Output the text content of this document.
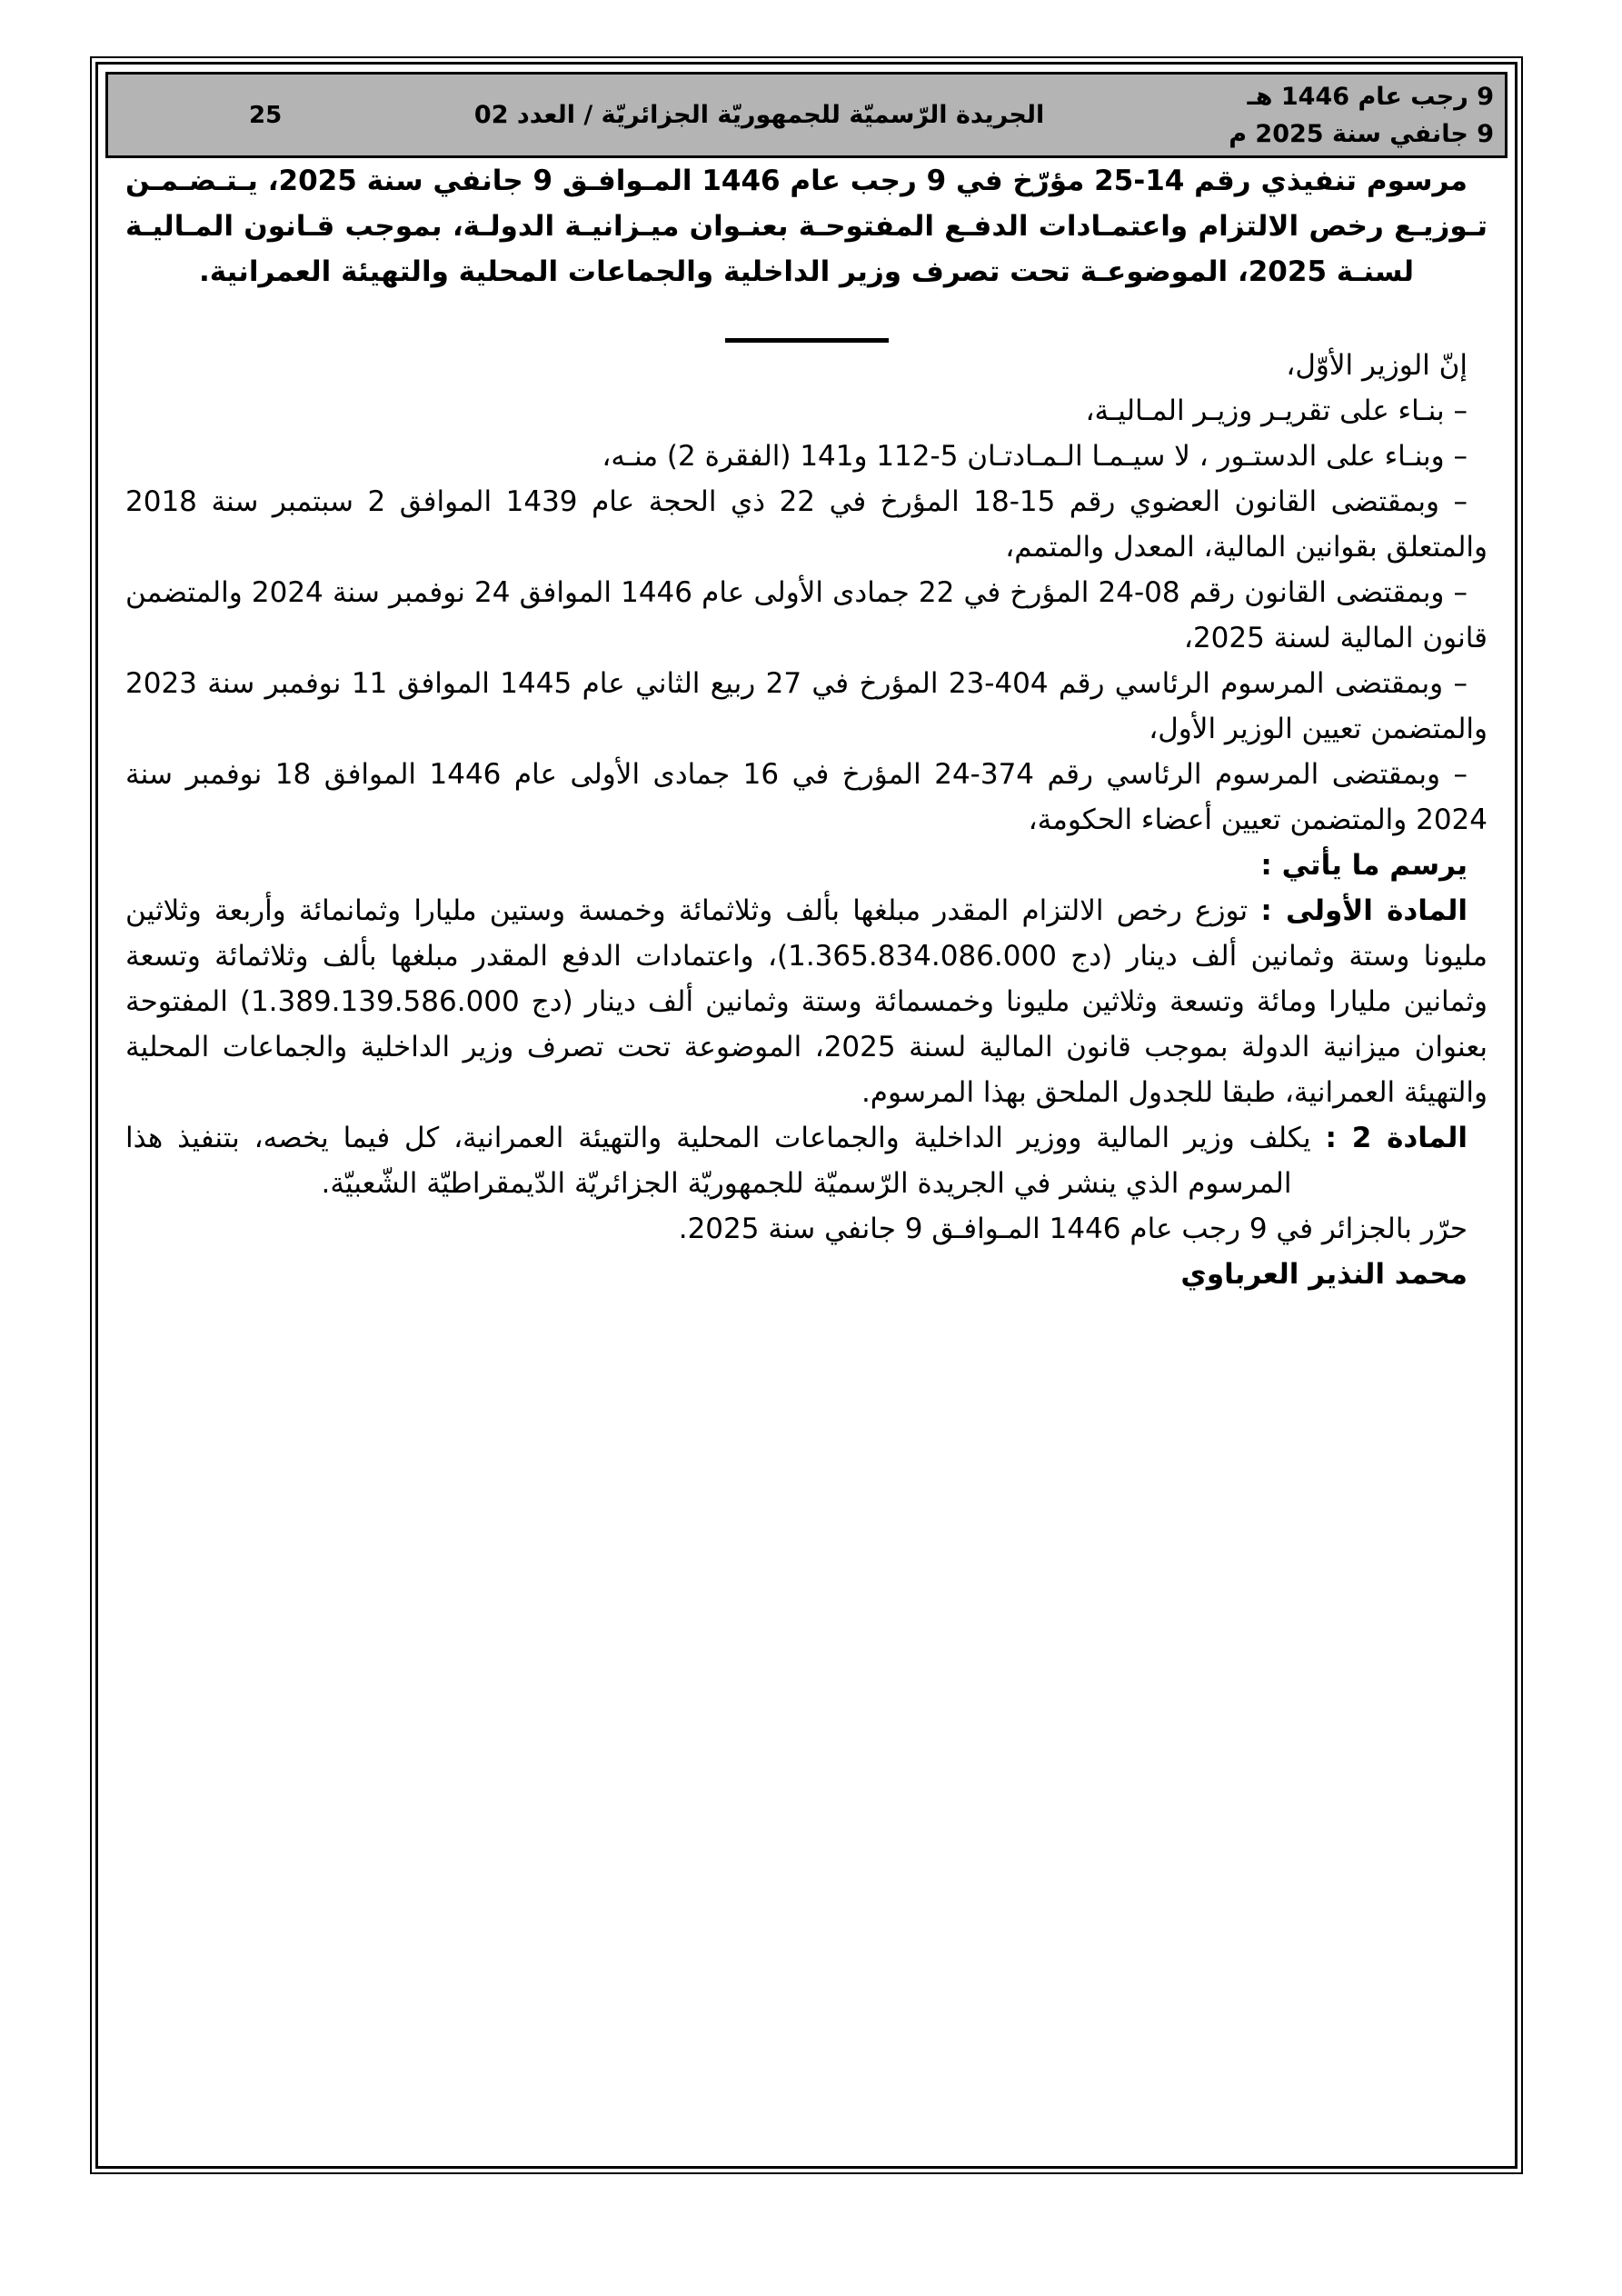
9 رجب عام 1446 هـ
9 جانفي سنة 2025 م
الجريدة الرّسميّة للجمهوريّة الجزائريّة / العدد 02
25

مرسوم تنفيذي رقم 14-25 مؤرّخ في 9 رجب عام 1446 المـوافـق 9 جانفي سنة 2025، يـتـضـمـن تـوزيـع رخص الالتزام واعتمـادات الدفـع المفتوحـة بعنـوان ميـزانيـة الدولـة، بموجب قـانون المـاليـة لسنـة 2025، الموضوعـة تحت تصرف وزير الداخلية والجماعات المحلية والتهيئة العمرانية.

إنّ الوزير الأوّل،

– بنـاء على تقريـر وزيـر المـاليـة،

– وبنـاء على الدستـور ، لا سيـمـا الـمـادتـان 5-112 و141 (الفقرة 2) منـه،

– وبمقتضى القانون العضوي رقم 15-18 المؤرخ في 22 ذي الحجة عام 1439 الموافق 2 سبتمبر سنة 2018 والمتعلق بقوانين المالية، المعدل والمتمم،

– وبمقتضى القانون رقم 08-24 المؤرخ في 22 جمادى الأولى عام 1446 الموافق 24 نوفمبر سنة 2024 والمتضمن قانون المالية لسنة 2025،

– وبمقتضى المرسوم الرئاسي رقم 404-23 المؤرخ في 27 ربيع الثاني عام 1445 الموافق 11 نوفمبر سنة 2023 والمتضمن تعيين الوزير الأول،

– وبمقتضى المرسوم الرئاسي رقم 374-24 المؤرخ في 16 جمادى الأولى عام 1446 الموافق 18 نوفمبر سنة 2024 والمتضمن تعيين أعضاء الحكومة،

يرسم ما يأتي :

المادة الأولى : توزع رخص الالتزام المقدر مبلغها بألف وثلاثمائة وخمسة وستين مليارا وثمانمائة وأربعة وثلاثين مليونا وستة وثمانين ألف دينار (1.365.834.086.000 دج)، واعتمادات الدفع المقدر مبلغها بألف وثلاثمائة وتسعة وثمانين مليارا ومائة وتسعة وثلاثين مليونا وخمسمائة وستة وثمانين ألف دينار (1.389.139.586.000 دج) المفتوحة بعنوان ميزانية الدولة بموجب قانون المالية لسنة 2025، الموضوعة تحت تصرف وزير الداخلية والجماعات المحلية والتهيئة العمرانية، طبقا للجدول الملحق بهذا المرسوم.

المادة 2 : يكلف وزير المالية ووزير الداخلية والجماعات المحلية والتهيئة العمرانية، كل فيما يخصه، بتنفيذ هذا المرسوم الذي ينشر في الجريدة الرّسميّة للجمهوريّة الجزائريّة الدّيمقراطيّة الشّعبيّة.

حرّر بالجزائر في 9 رجب عام 1446 المـوافـق 9 جانفي سنة 2025.

محمد النذير العرباوي
